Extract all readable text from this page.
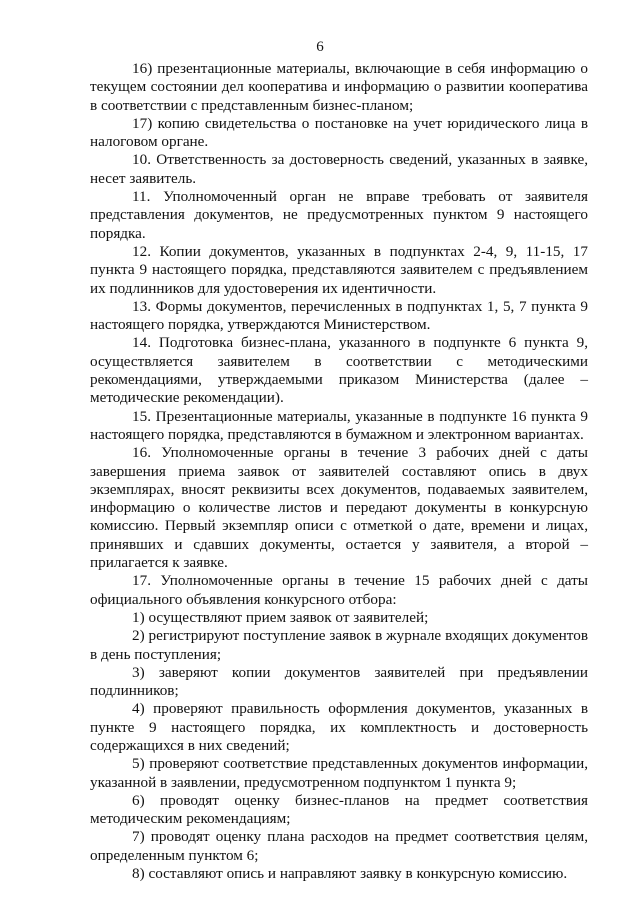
6

16) презентационные материалы, включающие в себя информацию о текущем состоянии дел кооператива и информацию о развитии кооператива в соответствии с представленным бизнес-планом;

17) копию свидетельства о постановке на учет юридического лица в налоговом органе.

10. Ответственность за достоверность сведений, указанных в заявке, несет заявитель.

11. Уполномоченный орган не вправе требовать от заявителя представления документов, не предусмотренных пунктом 9 настоящего порядка.

12. Копии документов, указанных в подпунктах 2-4, 9, 11-15, 17 пункта 9 настоящего порядка, представляются заявителем с предъявлением их подлинников для удостоверения их идентичности.

13. Формы документов, перечисленных в подпунктах 1, 5, 7 пункта 9 настоящего порядка, утверждаются Министерством.

14. Подготовка бизнес-плана, указанного в подпункте 6 пункта 9, осуществляется заявителем в соответствии с методическими рекомендациями, утверждаемыми приказом Министерства (далее – методические рекомендации).

15. Презентационные материалы, указанные в подпункте 16 пункта 9 настоящего порядка, представляются в бумажном и электронном вариантах.

16. Уполномоченные органы в течение 3 рабочих дней с даты завершения приема заявок от заявителей составляют опись в двух экземплярах, вносят реквизиты всех документов, подаваемых заявителем, информацию о количестве листов и передают документы в конкурсную комиссию. Первый экземпляр описи с отметкой о дате, времени и лицах, принявших и сдавших документы, остается у заявителя, а второй – прилагается к заявке.

17. Уполномоченные органы в течение 15 рабочих дней с даты официального объявления конкурсного отбора:

1) осуществляют прием заявок от заявителей;

2) регистрируют поступление заявок в журнале входящих документов в день поступления;

3) заверяют копии документов заявителей при предъявлении подлинников;

4) проверяют правильность оформления документов, указанных в пункте 9 настоящего порядка, их комплектность и достоверность содержащихся в них сведений;

5) проверяют соответствие представленных документов информации, указанной в заявлении, предусмотренном подпунктом 1 пункта 9;

6) проводят оценку бизнес-планов на предмет соответствия методическим рекомендациям;

7) проводят оценку плана расходов на предмет соответствия целям, определенным пунктом 6;

8) составляют опись и направляют заявку в конкурсную комиссию.
